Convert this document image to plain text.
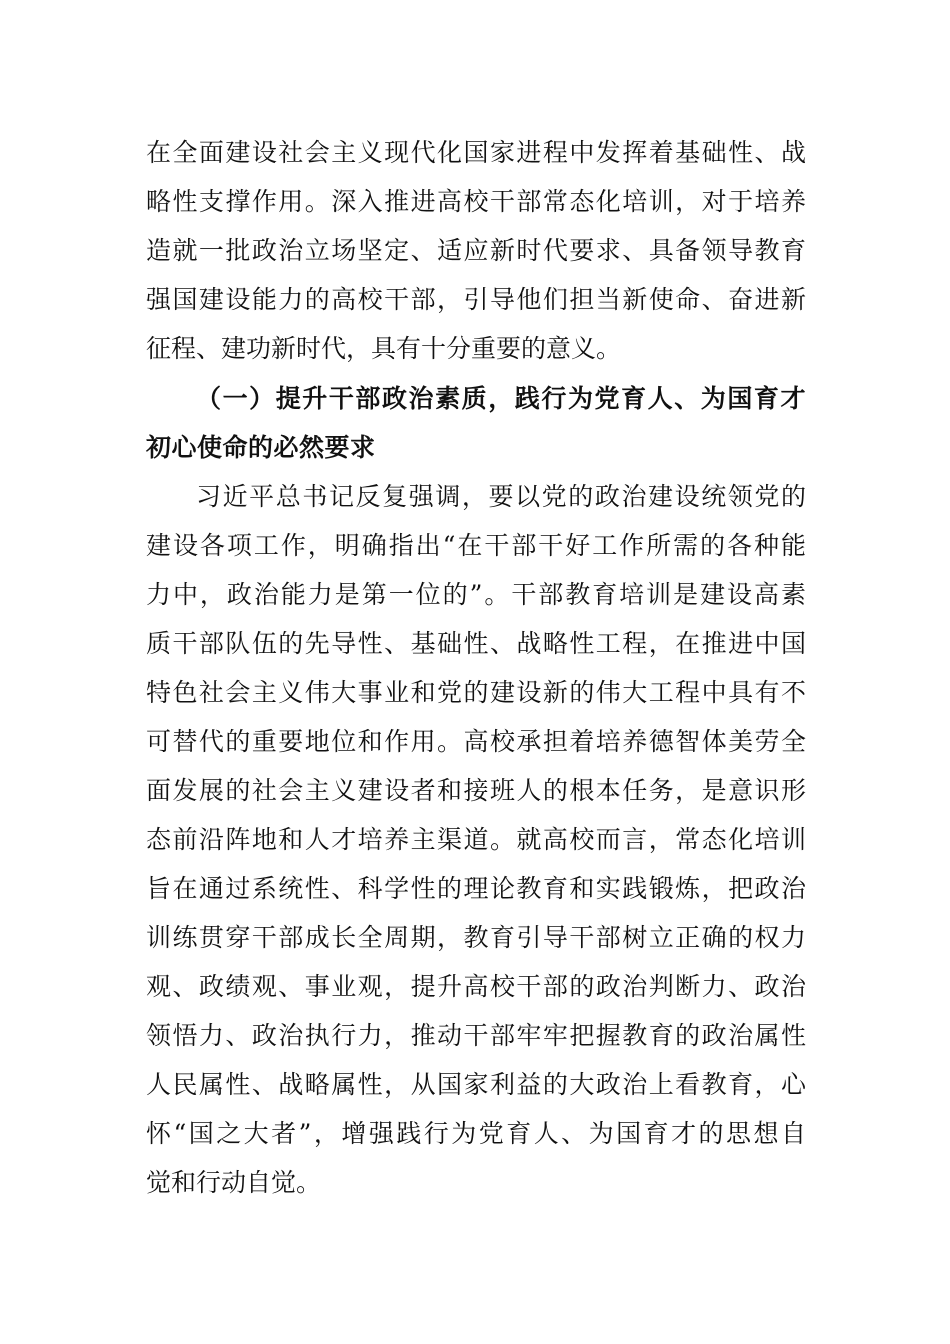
在全面建设社会主义现代化国家进程中发挥着基础性、战
略性支撑作用。深入推进高校干部常态化培训，对于培养
造就一批政治立场坚定、适应新时代要求、具备领导教育
强国建设能力的高校干部，引导他们担当新使命、奋进新
征程、建功新时代，具有十分重要的意义。
（一）提升干部政治素质，践行为党育人、为国育才
初心使命的必然要求
习近平总书记反复强调，要以党的政治建设统领党的
建设各项工作，明确指出“在干部干好工作所需的各种能
力中，政治能力是第一位的”。干部教育培训是建设高素
质干部队伍的先导性、基础性、战略性工程，在推进中国
特色社会主义伟大事业和党的建设新的伟大工程中具有不
可替代的重要地位和作用。高校承担着培养德智体美劳全
面发展的社会主义建设者和接班人的根本任务，是意识形
态前沿阵地和人才培养主渠道。就高校而言，常态化培训
旨在通过系统性、科学性的理论教育和实践锻炼，把政治
训练贯穿干部成长全周期，教育引导干部树立正确的权力
观、政绩观、事业观，提升高校干部的政治判断力、政治
领悟力、政治执行力，推动干部牢牢把握教育的政治属性
人民属性、战略属性，从国家利益的大政治上看教育，心
怀“国之大者”，增强践行为党育人、为国育才的思想自
觉和行动自觉。
